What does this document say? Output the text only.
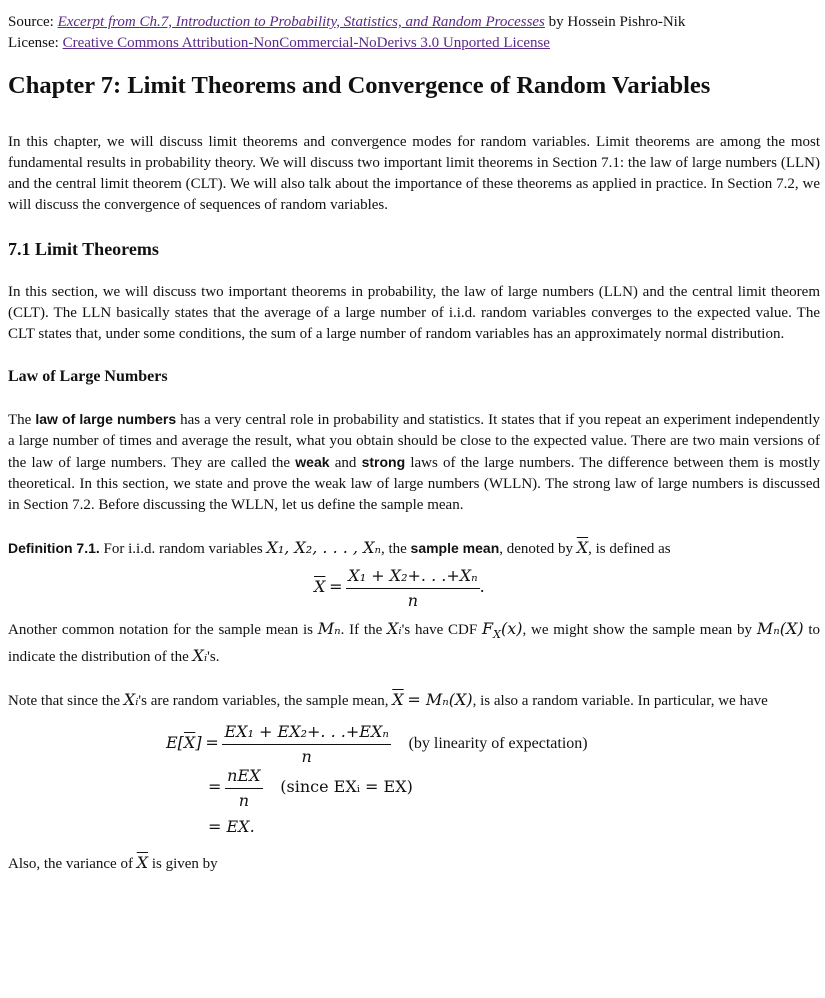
Source: Excerpt from Ch.7, Introduction to Probability, Statistics, and Random Processes by Hossein Pishro-Nik

License: Creative Commons Attribution-NonCommercial-NoDerivs 3.0 Unported License

Chapter 7: Limit Theorems and Convergence of Random Variables

In this chapter, we will discuss limit theorems and convergence modes for random variables. Limit theorems are among the most fundamental results in probability theory. We will discuss two important limit theorems in Section 7.1: the law of large numbers (LLN) and the central limit theorem (CLT). We will also talk about the importance of these theorems as applied in practice. In Section 7.2, we will discuss the convergence of sequences of random variables.

7.1 Limit Theorems

In this section, we will discuss two important theorems in probability, the law of large numbers (LLN) and the central limit theorem (CLT). The LLN basically states that the average of a large number of i.i.d. random variables converges to the expected value. The CLT states that, under some conditions, the sum of a large number of random variables has an approximately normal distribution.

Law of Large Numbers

The law of large numbers has a very central role in probability and statistics. It states that if you repeat an experiment independently a large number of times and average the result, what you obtain should be close to the expected value. There are two main versions of the law of large numbers. They are called the weak and strong laws of the large numbers. The difference between them is mostly theoretical. In this section, we state and prove the weak law of large numbers (WLLN). The strong law of large numbers is discussed in Section 7.2. Before discussing the WLLN, let us define the sample mean.

Definition 7.1. For i.i.d. random variables X₁, X₂, . . . , Xₙ, the sample mean, denoted by $\overline{X}$, is defined as

$\overline{X} = \frac{\text{X₁ + X₂+. . .+Xₙ}}{n}$ .

Another common notation for the sample mean is Mₙ. If the Xᵢ's have CDF $F_X(x)$, we might show the sample mean by Mₙ(X) to indicate the distribution of the Xᵢ's.

Note that since the Xᵢ's are random variables, the sample mean, $\overline{X} = M_n(X)$, is also a random variable. In particular, we have

$E[\overline{X}] = \frac{\text{EX₁ + EX₂+. . .+EXₙ}}{n} (by$ linearity of expectation)
= $\frac{\text{nEX}}{n}$ (since EXᵢ = EX)
= EX.

Also, the variance of $\overline{X}$ is given by
